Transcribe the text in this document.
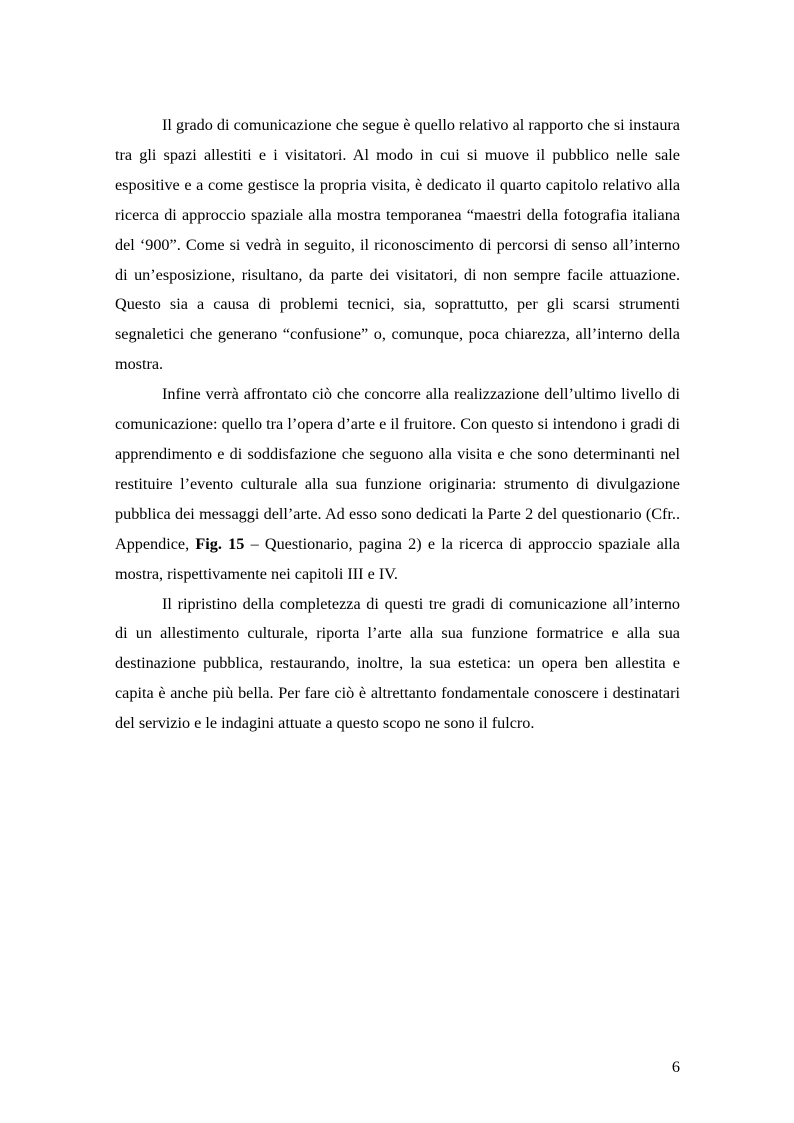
Il grado di comunicazione che segue è quello relativo al rapporto che si instaura tra gli spazi allestiti e i visitatori. Al modo in cui si muove il pubblico nelle sale espositive e a come gestisce la propria visita, è dedicato il quarto capitolo relativo alla ricerca di approccio spaziale alla mostra temporanea “maestri della fotografia italiana del ‘900”. Come si vedrà in seguito, il riconoscimento di percorsi di senso all’interno di un’esposizione, risultano, da parte dei visitatori, di non sempre facile attuazione. Questo sia a causa di problemi tecnici, sia, soprattutto, per gli scarsi strumenti segnaletici che generano “confusione” o, comunque, poca chiarezza, all’interno della mostra.

Infine verrà affrontato ciò che concorre alla realizzazione dell’ultimo livello di comunicazione: quello tra l’opera d’arte e il fruitore. Con questo si intendono i gradi di apprendimento e di soddisfazione che seguono alla visita e che sono determinanti nel restituire l’evento culturale alla sua funzione originaria: strumento di divulgazione pubblica dei messaggi dell’arte. Ad esso sono dedicati la Parte 2 del questionario (Cfr.. Appendice, Fig. 15 – Questionario, pagina 2) e la ricerca di approccio spaziale alla mostra, rispettivamente nei capitoli III e IV.

Il ripristino della completezza di questi tre gradi di comunicazione all’interno di un allestimento culturale, riporta l’arte alla sua funzione formatrice e alla sua destinazione pubblica, restaurando, inoltre, la sua estetica: un opera ben allestita e capita è anche più bella. Per fare ciò è altrettanto fondamentale conoscere i destinatari del servizio e le indagini attuate a questo scopo ne sono il fulcro.

6
